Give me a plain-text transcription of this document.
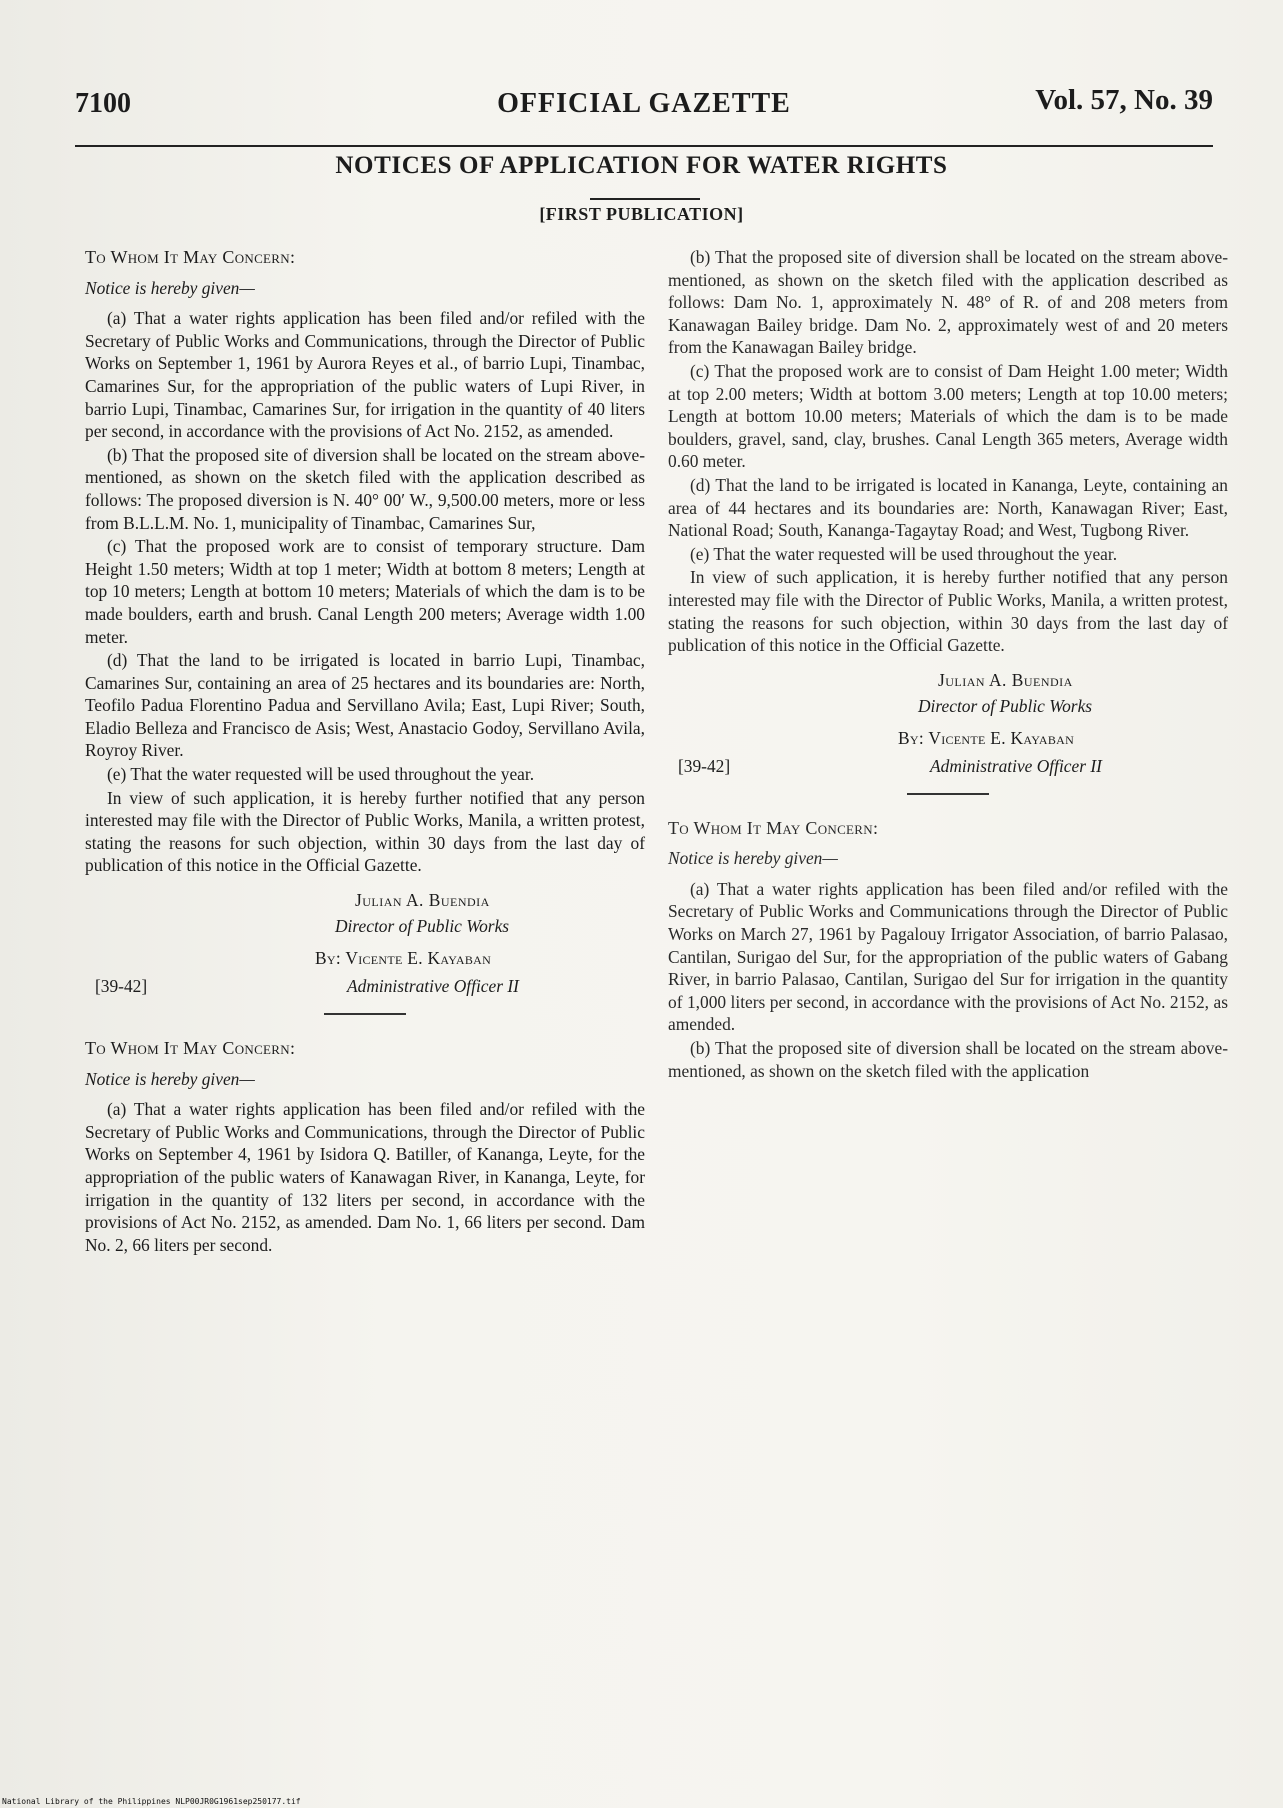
7100	OFFICIAL GAZETTE	Vol. 57, No. 39
NOTICES OF APPLICATION FOR WATER RIGHTS
[FIRST PUBLICATION]
To Whom It May Concern:
Notice is hereby given—

(a) That a water rights application has been filed and/or refiled with the Secretary of Public Works and Communications, through the Director of Public Works on September 1, 1961 by Aurora Reyes et al., of barrio Lupi, Tinambac, Camarines Sur, for the appropriation of the public waters of Lupi River, in barrio Lupi, Tinambac, Camarines Sur, for irrigation in the quantity of 40 liters per second, in accordance with the provisions of Act No. 2152, as amended.

(b) That the proposed site of diversion shall be located on the stream above-mentioned, as shown on the sketch filed with the application described as follows: The proposed diversion is N. 40° 00′ W., 9,500.00 meters, more or less from B.L.L.M. No. 1, municipality of Tinambac, Camarines Sur,

(c) That the proposed work are to consist of temporary structure. Dam Height 1.50 meters; Width at top 1 meter; Width at bottom 8 meters; Length at top 10 meters; Length at bottom 10 meters; Materials of which the dam is to be made boulders, earth and brush. Canal Length 200 meters; Average width 1.00 meter.

(d) That the land to be irrigated is located in barrio Lupi, Tinambac, Camarines Sur, containing an area of 25 hectares and its boundaries are: North, Teofilo Padua Florentino Padua and Servillano Avila; East, Lupi River; South, Eladio Belleza and Francisco de Asis; West, Anastacio Godoy, Servillano Avila, Royroy River.

(e) That the water requested will be used throughout the year.

In view of such application, it is hereby further notified that any person interested may file with the Director of Public Works, Manila, a written protest, stating the reasons for such objection, within 30 days from the last day of publication of this notice in the Official Gazette.

Julian A. Buendia
Director of Public Works
By: Vicente E. Kayaban
[39-42]	Administrative Officer II
To Whom It May Concern:
Notice is hereby given—

(a) That a water rights application has been filed and/or refiled with the Secretary of Public Works and Communications, through the Director of Public Works on September 4, 1961 by Isidora Q. Batiller, of Kananga, Leyte, for the appropriation of the public waters of Kanawagan River, in Kananga, Leyte, for irrigation in the quantity of 132 liters per second, in accordance with the provisions of Act No. 2152, as amended. Dam No. 1, 66 liters per second. Dam No. 2, 66 liters per second.

(b) That the proposed site of diversion shall be located on the stream above-mentioned, as shown on the sketch filed with the application described as follows: Dam No. 1, approximately N. 48° of R. of and 208 meters from Kanawagan Bailey bridge. Dam No. 2, approximately west of and 20 meters from the Kanawagan Bailey bridge.

(c) That the proposed work are to consist of Dam Height 1.00 meter; Width at top 2.00 meters; Width at bottom 3.00 meters; Length at top 10.00 meters; Length at bottom 10.00 meters; Materials of which the dam is to be made boulders, gravel, sand, clay, brushes. Canal Length 365 meters, Average width 0.60 meter.

(d) That the land to be irrigated is located in Kananga, Leyte, containing an area of 44 hectares and its boundaries are: North, Kanawagan River; East, National Road; South, Kananga-Tagaytay Road; and West, Tugbong River.

(e) That the water requested will be used throughout the year.

In view of such application, it is hereby further notified that any person interested may file with the Director of Public Works, Manila, a written protest, stating the reasons for such objection, within 30 days from the last day of publication of this notice in the Official Gazette.

Julian A. Buendia
Director of Public Works
By: Vicente E. Kayaban
[39-42]	Administrative Officer II
To Whom It May Concern:
Notice is hereby given—

(a) That a water rights application has been filed and/or refiled with the Secretary of Public Works and Communications through the Director of Public Works on March 27, 1961 by Pagalouy Irrigator Association, of barrio Palasao, Cantilan, Surigao del Sur, for the appropriation of the public waters of Gabang River, in barrio Palasao, Cantilan, Surigao del Sur for irrigation in the quantity of 1,000 liters per second, in accordance with the provisions of Act No. 2152, as amended.

(b) That the proposed site of diversion shall be located on the stream above-mentioned, as shown on the sketch filed with the application

National Library of the Philippines NLP00JR0G1961sep250177.tif
